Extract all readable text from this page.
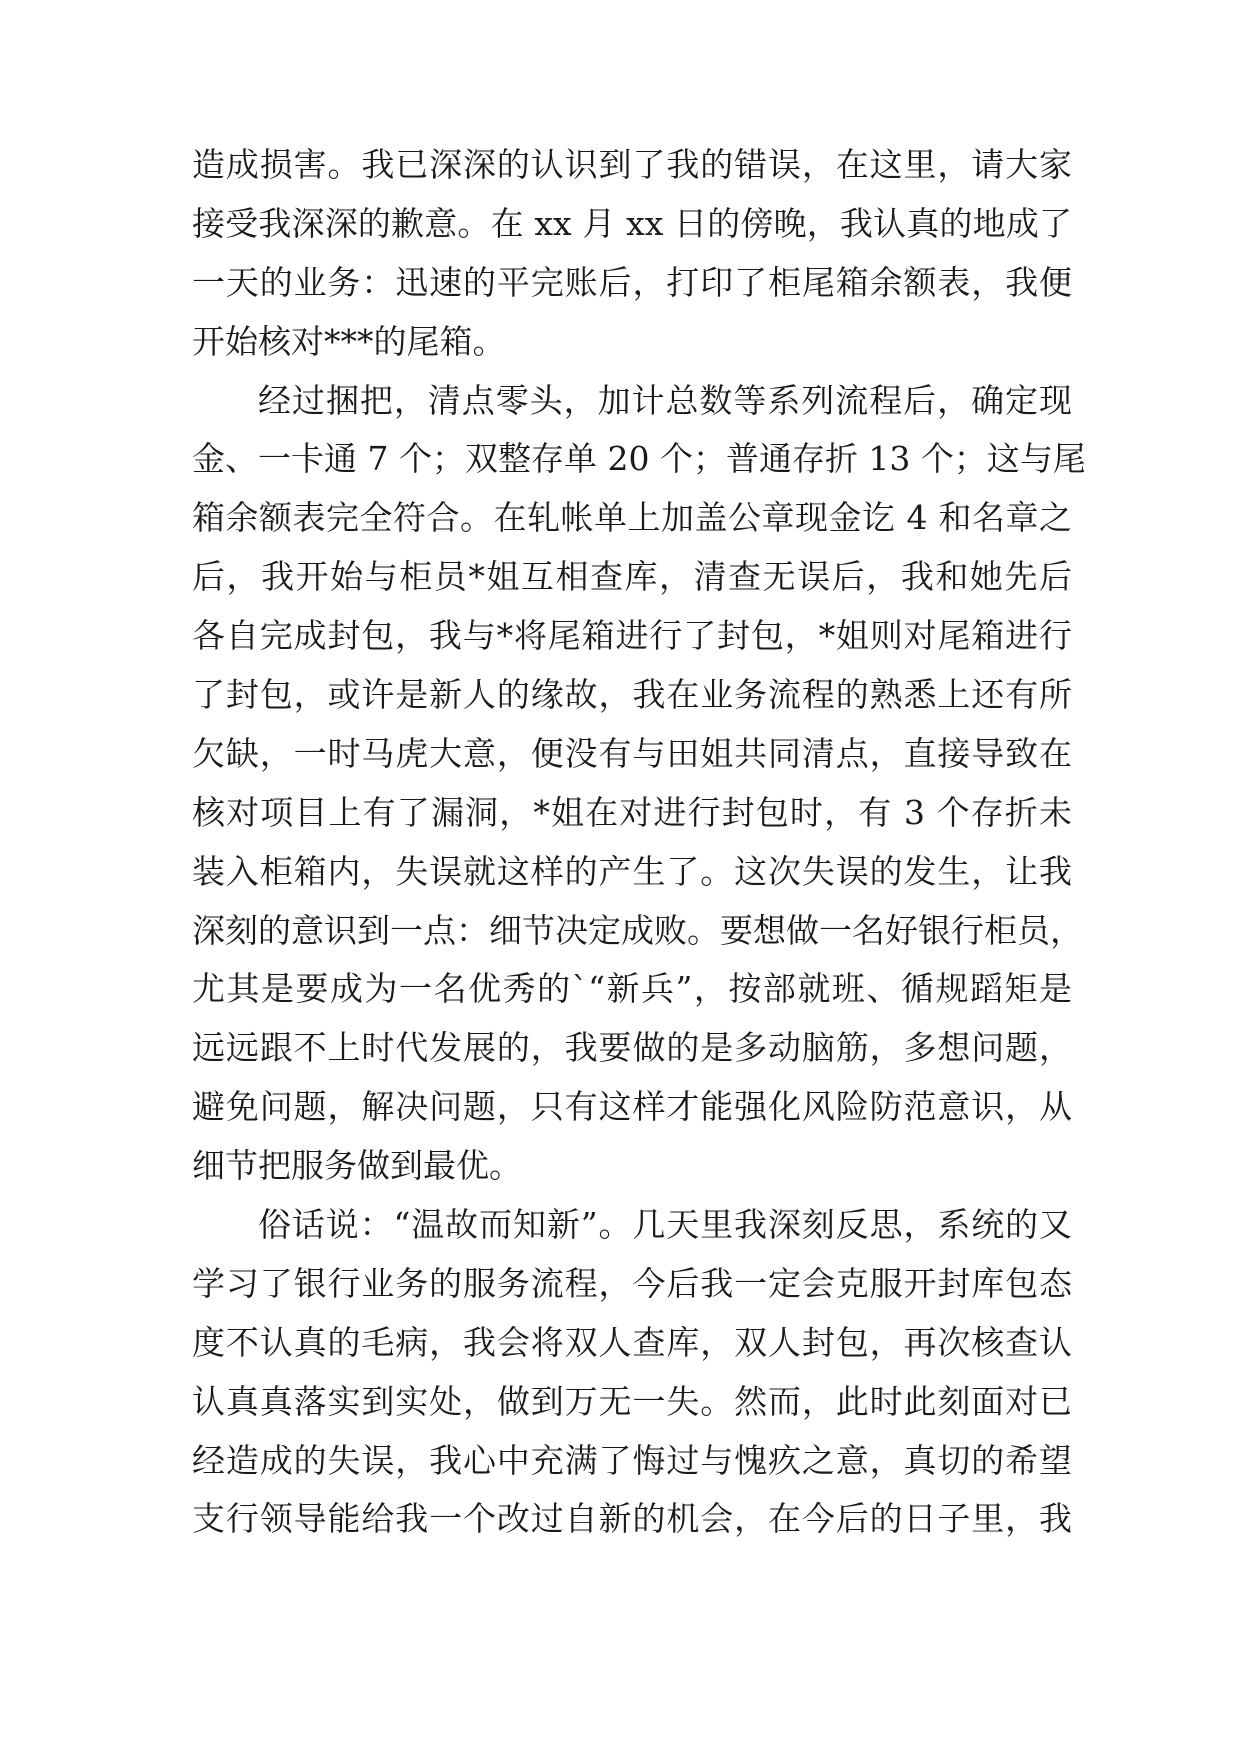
造成损害。我已深深的认识到了我的错误，在这里，请大家
接受我深深的歉意。在 xx 月 xx 日的傍晚，我认真的地成了
一天的业务：迅速的平完账后，打印了柜尾箱余额表，我便
开始核对***的尾箱。
经过捆把，清点零头，加计总数等系列流程后，确定现
金、一卡通 7 个；双整存单 20 个；普通存折 13 个；这与尾
箱余额表完全符合。在轧帐单上加盖公章现金讫 4 和名章之
后，我开始与柜员*姐互相查库，清查无误后，我和她先后
各自完成封包，我与*将尾箱进行了封包，*姐则对尾箱进行
了封包，或许是新人的缘故，我在业务流程的熟悉上还有所
欠缺，一时马虎大意，便没有与田姐共同清点，直接导致在
核对项目上有了漏洞，*姐在对进行封包时，有 3 个存折未
装入柜箱内，失误就这样的产生了。这次失误的发生，让我
深刻的意识到一点：细节决定成败。要想做一名好银行柜员，
尤其是要成为一名优秀的`“新兵”，按部就班、循规蹈矩是
远远跟不上时代发展的，我要做的是多动脑筋，多想问题，
避免问题，解决问题，只有这样才能强化风险防范意识，从
细节把服务做到最优。
俗话说：“温故而知新”。几天里我深刻反思，系统的又
学习了银行业务的服务流程，今后我一定会克服开封库包态
度不认真的毛病，我会将双人查库，双人封包，再次核查认
认真真落实到实处，做到万无一失。然而，此时此刻面对已
经造成的失误，我心中充满了悔过与愧疚之意，真切的希望
支行领导能给我一个改过自新的机会，在今后的日子里，我
